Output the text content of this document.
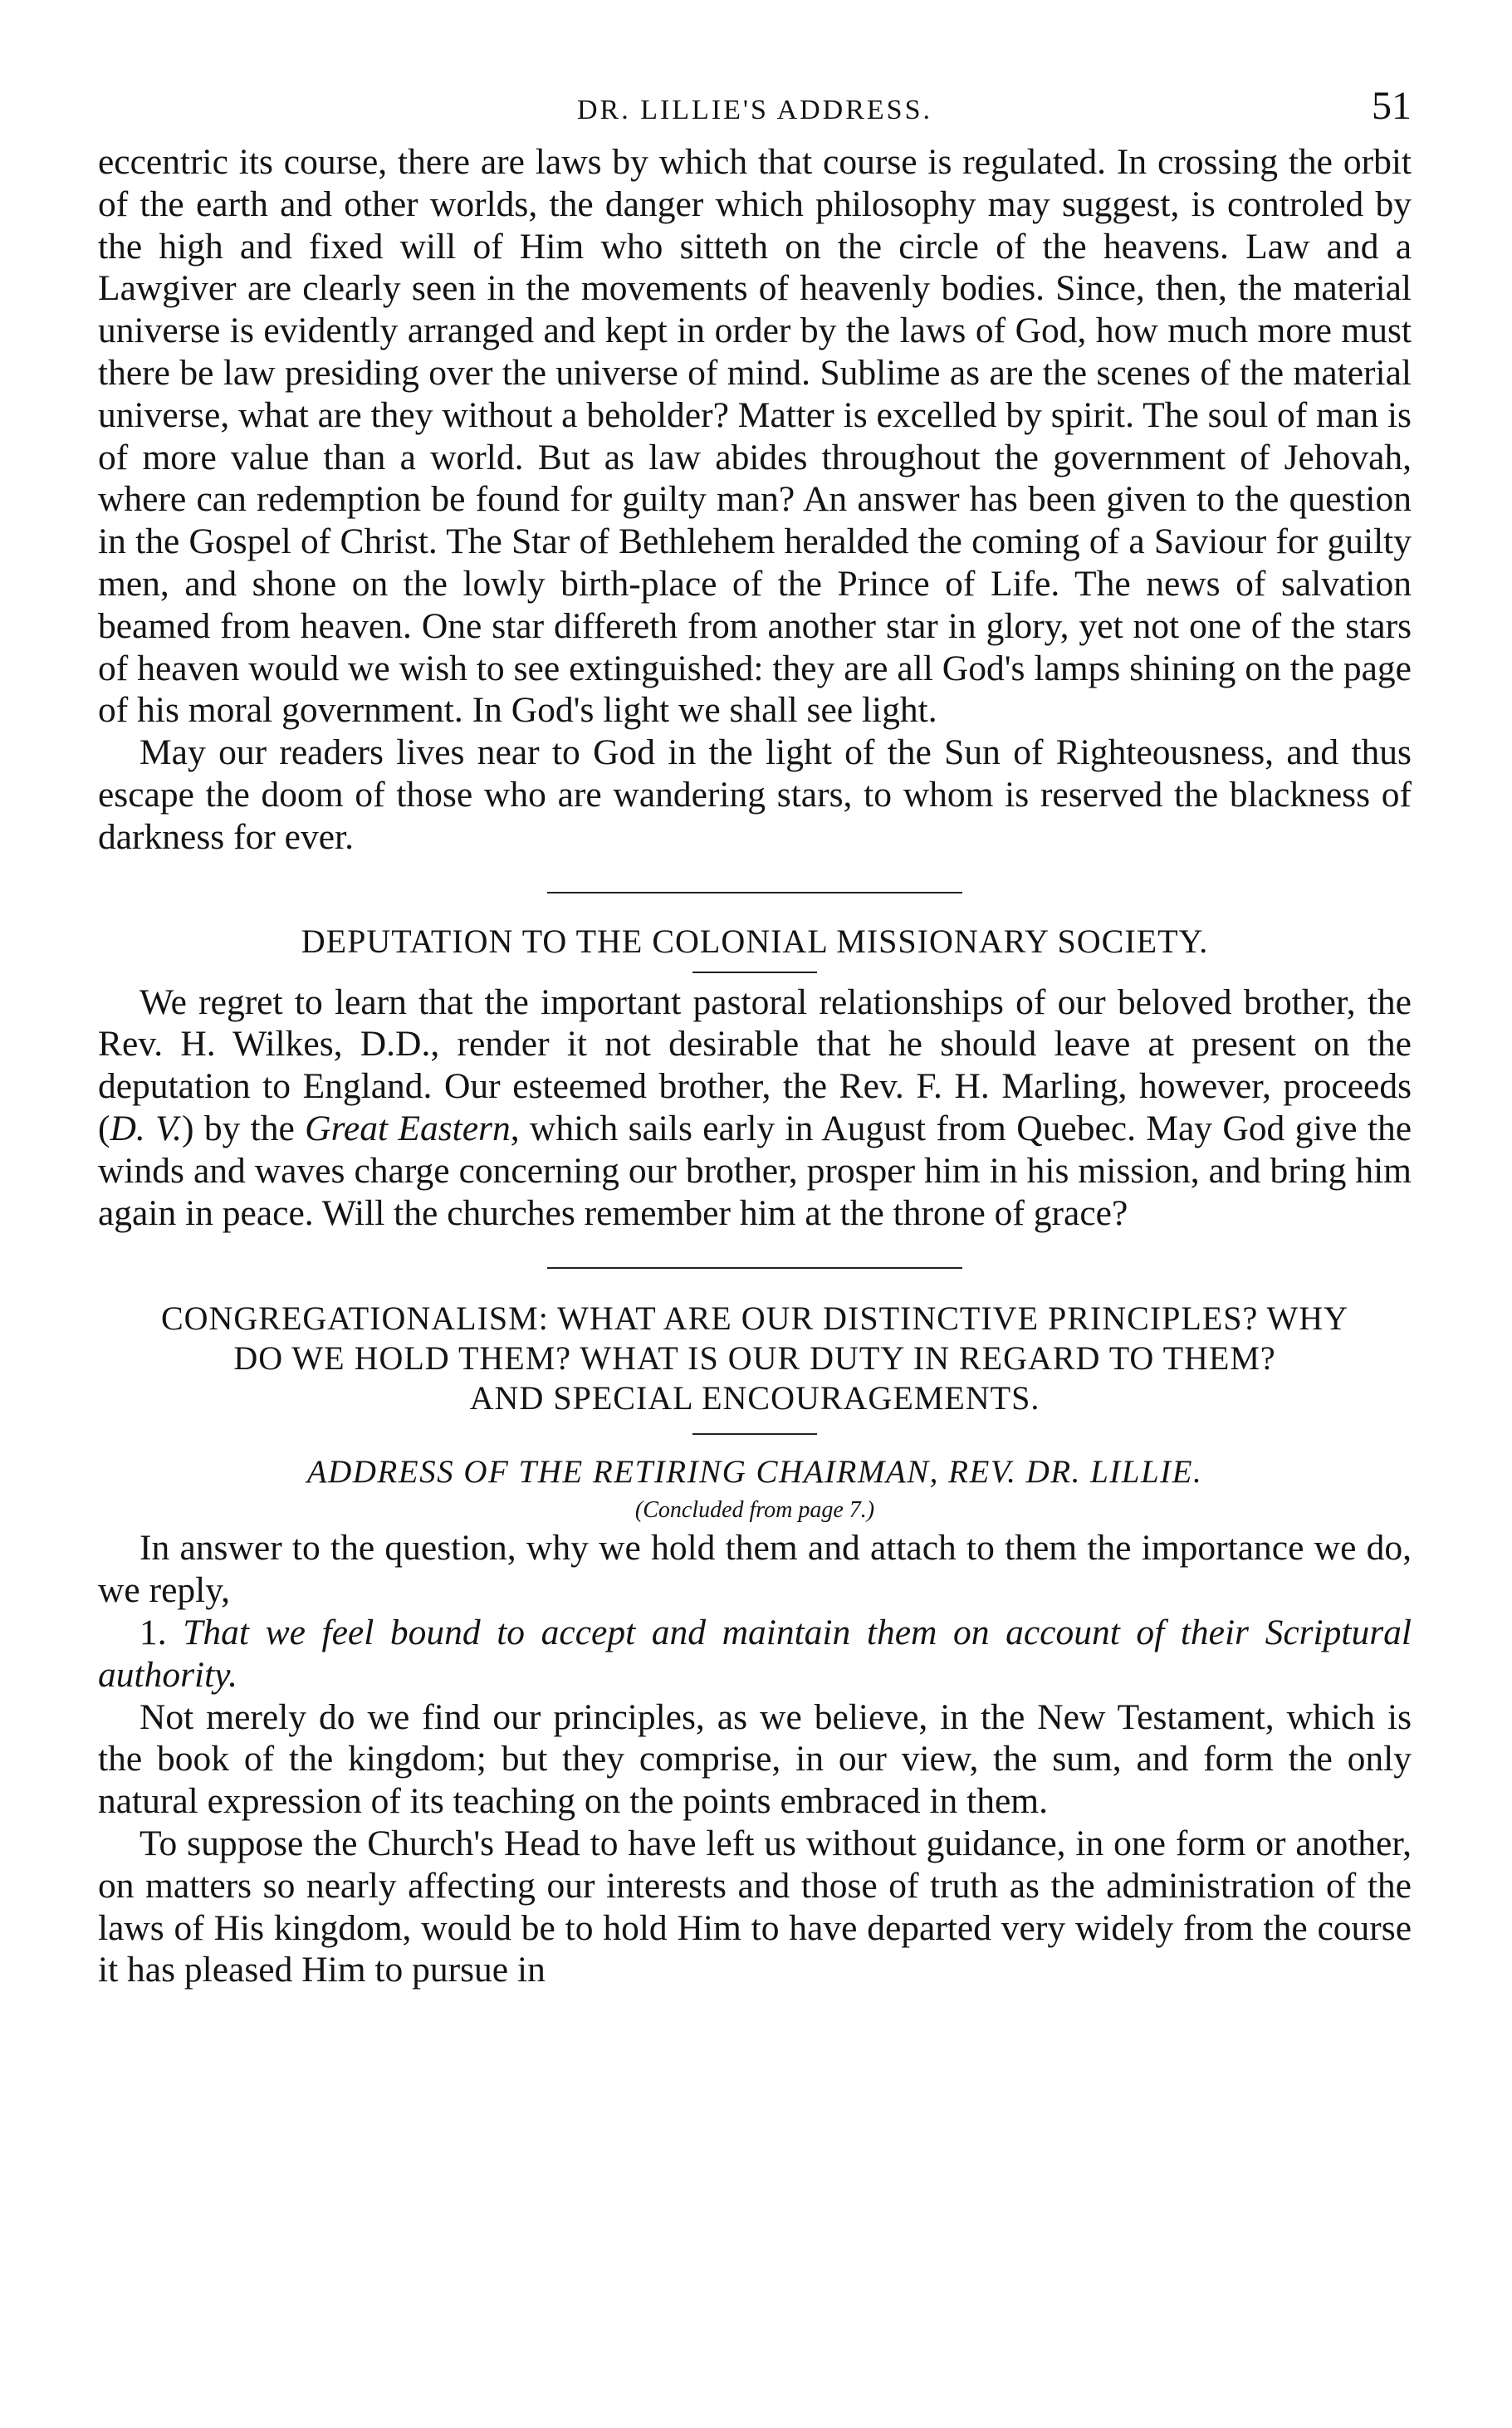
DR. LILLIE'S ADDRESS.	51

eccentric its course, there are laws by which that course is regulated. In crossing the orbit of the earth and other worlds, the danger which philosophy may suggest, is controled by the high and fixed will of Him who sitteth on the circle of the heavens. Law and a Lawgiver are clearly seen in the movements of heavenly bodies. Since, then, the material universe is evidently arranged and kept in order by the laws of God, how much more must there be law presiding over the universe of mind. Sublime as are the scenes of the material universe, what are they without a beholder? Matter is excelled by spirit. The soul of man is of more value than a world. But as law abides throughout the government of Jehovah, where can redemption be found for guilty man? An answer has been given to the question in the Gospel of Christ. The Star of Bethlehem heralded the coming of a Saviour for guilty men, and shone on the lowly birth-place of the Prince of Life. The news of salvation beamed from heaven. One star differeth from another star in glory, yet not one of the stars of heaven would we wish to see extinguished: they are all God's lamps shining on the page of his moral government. In God's light we shall see light.

May our readers lives near to God in the light of the Sun of Righteousness, and thus escape the doom of those who are wandering stars, to whom is reserved the blackness of darkness for ever.

DEPUTATION TO THE COLONIAL MISSIONARY SOCIETY.

We regret to learn that the important pastoral relationships of our beloved brother, the Rev. H. Wilkes, D.D., render it not desirable that he should leave at present on the deputation to England. Our esteemed brother, the Rev. F. H. Marling, however, proceeds (D. V.) by the Great Eastern, which sails early in August from Quebec. May God give the winds and waves charge concerning our brother, prosper him in his mission, and bring him again in peace. Will the churches remember him at the throne of grace?

CONGREGATIONALISM: WHAT ARE OUR DISTINCTIVE PRINCIPLES? WHY

DO WE HOLD THEM? WHAT IS OUR DUTY IN REGARD TO THEM?

AND SPECIAL ENCOURAGEMENTS.

ADDRESS OF THE RETIRING CHAIRMAN, REV. DR. LILLIE.

(Concluded from page 7.)

In answer to the question, why we hold them and attach to them the importance we do, we reply,

1. That we feel bound to accept and maintain them on account of their Scriptural authority.

Not merely do we find our principles, as we believe, in the New Testament, which is the book of the kingdom; but they comprise, in our view, the sum, and form the only natural expression of its teaching on the points embraced in them.

To suppose the Church's Head to have left us without guidance, in one form or another, on matters so nearly affecting our interests and those of truth as the administration of the laws of His kingdom, would be to hold Him to have departed very widely from the course it has pleased Him to pursue in
